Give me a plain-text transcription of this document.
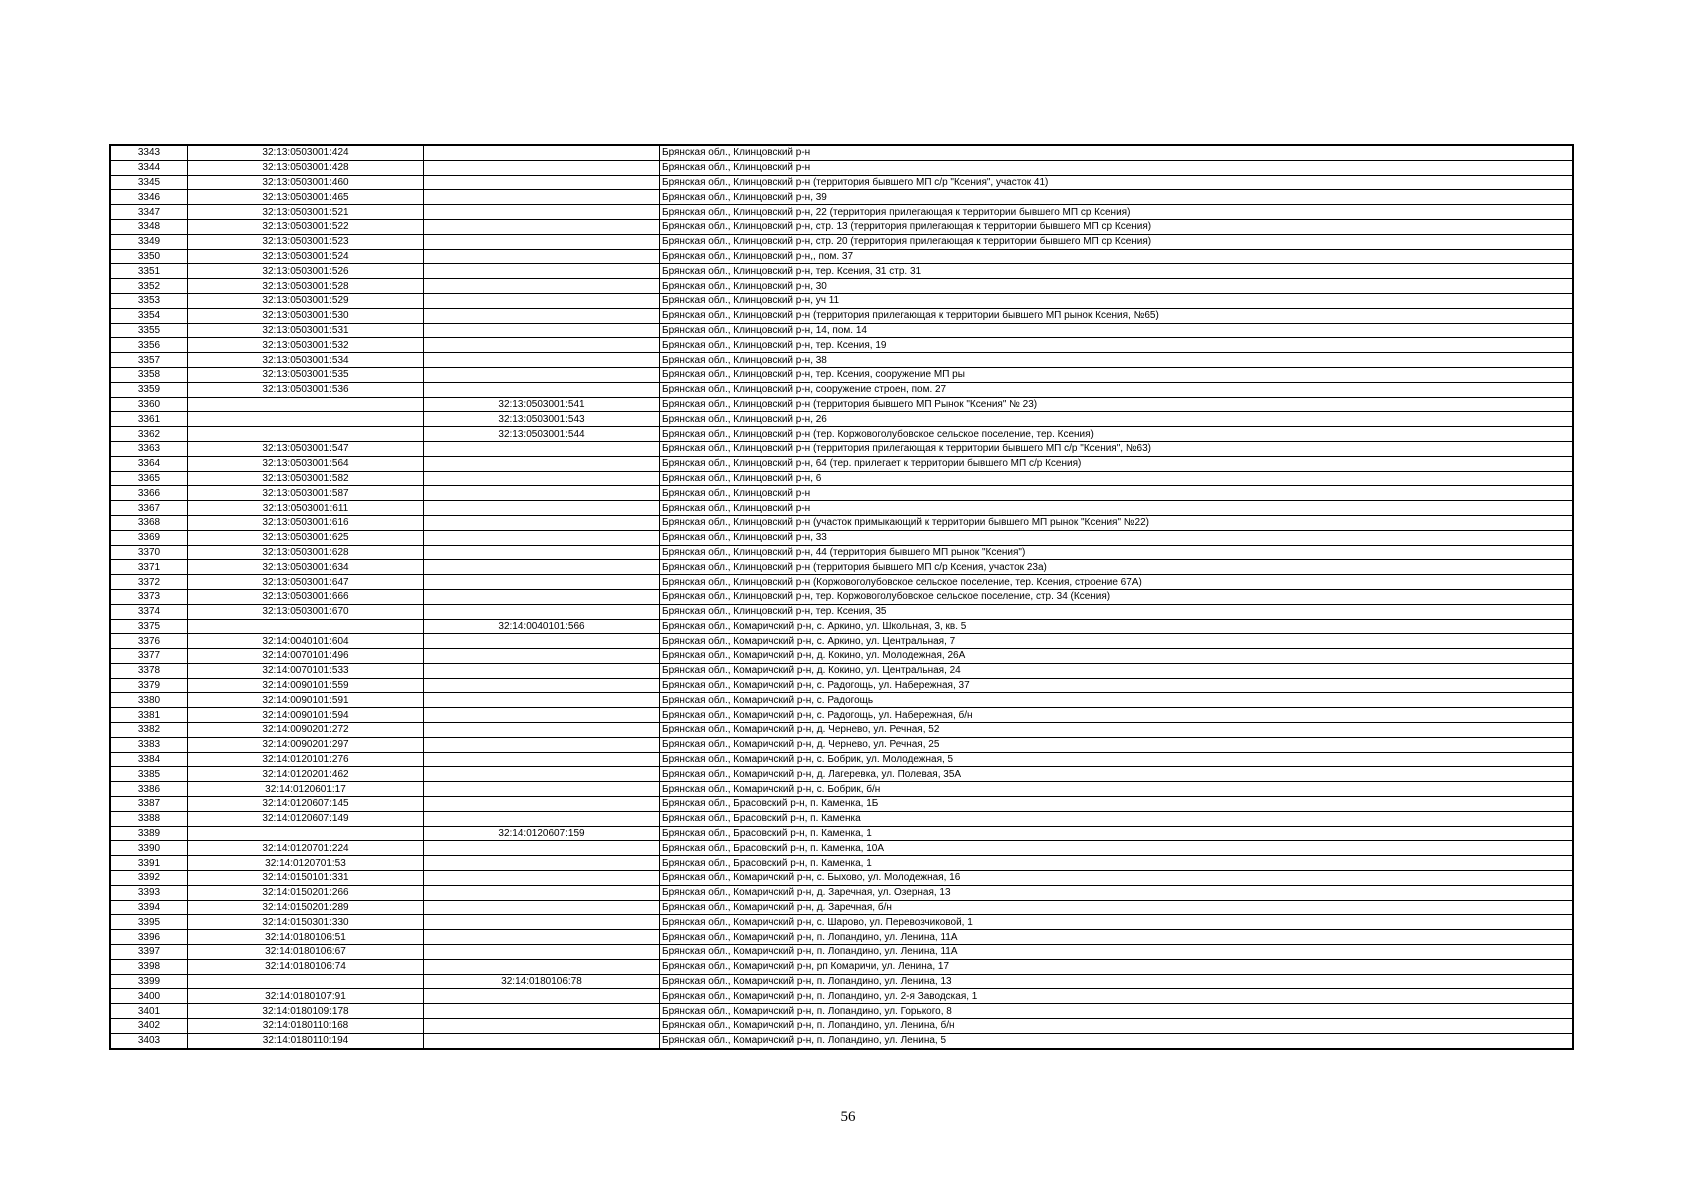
3343	32:13:0503001:424		Брянская обл., Клинцовский р-н
3344	32:13:0503001:428		Брянская обл., Клинцовский р-н
3345	32:13:0503001:460		Брянская обл., Клинцовский р-н (территория бывшего МП с/р "Ксения", участок 41)
3346	32:13:0503001:465		Брянская обл., Клинцовский р-н, 39
3347	32:13:0503001:521		Брянская обл., Клинцовский р-н, 22 (территория прилегающая к территории бывшего МП ср Ксения)
3348	32:13:0503001:522		Брянская обл., Клинцовский р-н, стр. 13 (территория прилегающая к территории бывшего МП ср Ксения)
3349	32:13:0503001:523		Брянская обл., Клинцовский р-н, стр. 20 (территория прилегающая к территории бывшего МП ср Ксения)
3350	32:13:0503001:524		Брянская обл., Клинцовский р-н,, пом. 37
3351	32:13:0503001:526		Брянская обл., Клинцовский р-н, тер. Ксения, 31 стр. 31
3352	32:13:0503001:528		Брянская обл., Клинцовский р-н, 30
3353	32:13:0503001:529		Брянская обл., Клинцовский р-н, уч 11
3354	32:13:0503001:530		Брянская обл., Клинцовский р-н (территория прилегающая к территории бывшего МП рынок Ксения, №65)
3355	32:13:0503001:531		Брянская обл., Клинцовский р-н, 14, пом. 14
3356	32:13:0503001:532		Брянская обл., Клинцовский р-н, тер. Ксения, 19
3357	32:13:0503001:534		Брянская обл., Клинцовский р-н, 38
3358	32:13:0503001:535		Брянская обл., Клинцовский р-н, тер. Ксения, сооружение МП ры
3359	32:13:0503001:536		Брянская обл., Клинцовский р-н, сооружение строен, пом. 27
3360		32:13:0503001:541	Брянская обл., Клинцовский р-н (территория бывшего МП Рынок "Ксения" № 23)
3361		32:13:0503001:543	Брянская обл., Клинцовский р-н, 26
3362		32:13:0503001:544	Брянская обл., Клинцовский р-н (тер. Коржовоголубовское сельское поселение, тер. Ксения)
3363	32:13:0503001:547		Брянская обл., Клинцовский р-н (территория прилегающая к территории бывшего МП с/р "Ксения", №63)
3364	32:13:0503001:564		Брянская обл., Клинцовский р-н, 64 (тер. прилегает к территории бывшего МП с/р Ксения)
3365	32:13:0503001:582		Брянская обл., Клинцовский р-н, 6
3366	32:13:0503001:587		Брянская обл., Клинцовский р-н
3367	32:13:0503001:611		Брянская обл., Клинцовский р-н
3368	32:13:0503001:616		Брянская обл., Клинцовский р-н (участок примыкающий к территории бывшего МП рынок "Ксения" №22)
3369	32:13:0503001:625		Брянская обл., Клинцовский р-н, 33
3370	32:13:0503001:628		Брянская обл., Клинцовский р-н, 44 (территория бывшего МП рынок "Ксения")
3371	32:13:0503001:634		Брянская обл., Клинцовский р-н (территория бывшего МП с/р Ксения, участок 23а)
3372	32:13:0503001:647		Брянская обл., Клинцовский р-н (Коржовоголубовское сельское поселение, тер. Ксения, строение 67А)
3373	32:13:0503001:666		Брянская обл., Клинцовский р-н, тер. Коржовоголубовское сельское поселение, стр. 34 (Ксения)
3374	32:13:0503001:670		Брянская обл., Клинцовский р-н, тер. Ксения, 35
3375		32:14:0040101:566	Брянская обл., Комаричский р-н, с. Аркино, ул. Школьная, 3, кв. 5
3376	32:14:0040101:604		Брянская обл., Комаричский р-н, с. Аркино, ул. Центральная, 7
3377	32:14:0070101:496		Брянская обл., Комаричский р-н, д. Кокино, ул. Молодежная, 26А
3378	32:14:0070101:533		Брянская обл., Комаричский р-н, д. Кокино, ул. Центральная, 24
3379	32:14:0090101:559		Брянская обл., Комаричский р-н, с. Радогощь, ул. Набережная, 37
3380	32:14:0090101:591		Брянская обл., Комаричский р-н, с. Радогощь
3381	32:14:0090101:594		Брянская обл., Комаричский р-н, с. Радогощь, ул. Набережная, б/н
3382	32:14:0090201:272		Брянская обл., Комаричский р-н, д. Чернево, ул. Речная, 52
3383	32:14:0090201:297		Брянская обл., Комаричский р-н, д. Чернево, ул. Речная, 25
3384	32:14:0120101:276		Брянская обл., Комаричский р-н, с. Бобрик, ул. Молодежная, 5
3385	32:14:0120201:462		Брянская обл., Комаричский р-н, д. Лагеревка, ул. Полевая, 35А
3386	32:14:0120601:17		Брянская обл., Комаричский р-н, с. Бобрик, б/н
3387	32:14:0120607:145		Брянская обл., Брасовский р-н, п. Каменка, 1Б
3388	32:14:0120607:149		Брянская обл., Брасовский р-н, п. Каменка
3389		32:14:0120607:159	Брянская обл., Брасовский р-н, п. Каменка, 1
3390	32:14:0120701:224		Брянская обл., Брасовский р-н, п. Каменка, 10А
3391	32:14:0120701:53		Брянская обл., Брасовский р-н, п. Каменка, 1
3392	32:14:0150101:331		Брянская обл., Комаричский р-н, с. Быхово, ул. Молодежная, 16
3393	32:14:0150201:266		Брянская обл., Комаричский р-н, д. Заречная, ул. Озерная, 13
3394	32:14:0150201:289		Брянская обл., Комаричский р-н, д. Заречная, б/н
3395	32:14:0150301:330		Брянская обл., Комаричский р-н, с. Шарово, ул. Перевозчиковой, 1
3396	32:14:0180106:51		Брянская обл., Комаричский р-н, п. Лопандино, ул. Ленина, 11А
3397	32:14:0180106:67		Брянская обл., Комаричский р-н, п. Лопандино, ул. Ленина, 11А
3398	32:14:0180106:74		Брянская обл., Комаричский р-н, рп Комаричи, ул. Ленина, 17
3399		32:14:0180106:78	Брянская обл., Комаричский р-н, п. Лопандино, ул. Ленина, 13
3400	32:14:0180107:91		Брянская обл., Комаричский р-н, п. Лопандино, ул. 2-я Заводская, 1
3401	32:14:0180109:178		Брянская обл., Комаричский р-н, п. Лопандино, ул. Горького, 8
3402	32:14:0180110:168		Брянская обл., Комаричский р-н, п. Лопандино, ул. Ленина, б/н
3403	32:14:0180110:194		Брянская обл., Комаричский р-н, п. Лопандино, ул. Ленина, 5
56
